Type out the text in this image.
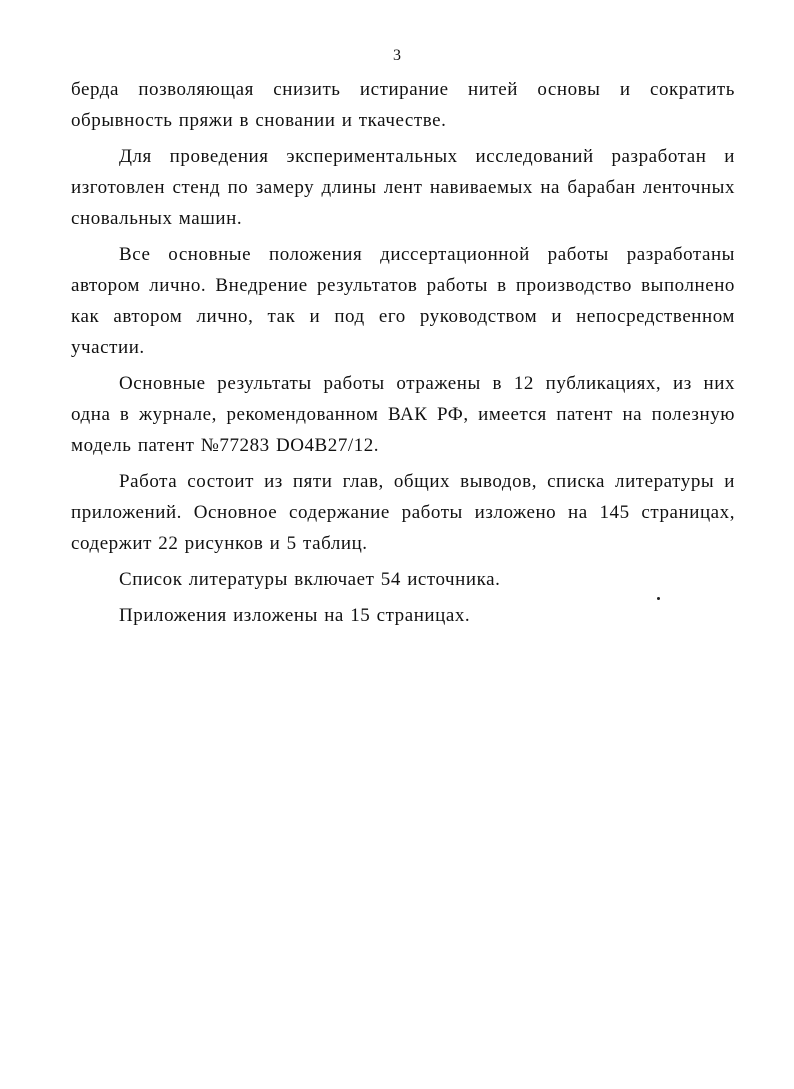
3

берда позволяющая снизить истирание нитей основы и сократить обрывность пряжи в сновании и ткачестве.

Для проведения экспериментальных исследований разработан и изготовлен стенд по замеру длины лент навиваемых на барабан ленточных сновальных машин.

Все основные положения диссертационной работы разработаны автором лично. Внедрение результатов работы в производство выполнено как автором лично, так и под его руководством и непосредственном участии.

Основные результаты работы отражены в 12 публикациях, из них одна в журнале, рекомендованном ВАК РФ, имеется патент на полезную модель патент №77283 DO4B27/12.

Работа состоит из пяти глав, общих выводов, списка литературы и приложений. Основное содержание работы изложено на 145 страницах, содержит 22 рисунков и 5 таблиц.

Список литературы включает 54 источника.

Приложения изложены на 15 страницах.
